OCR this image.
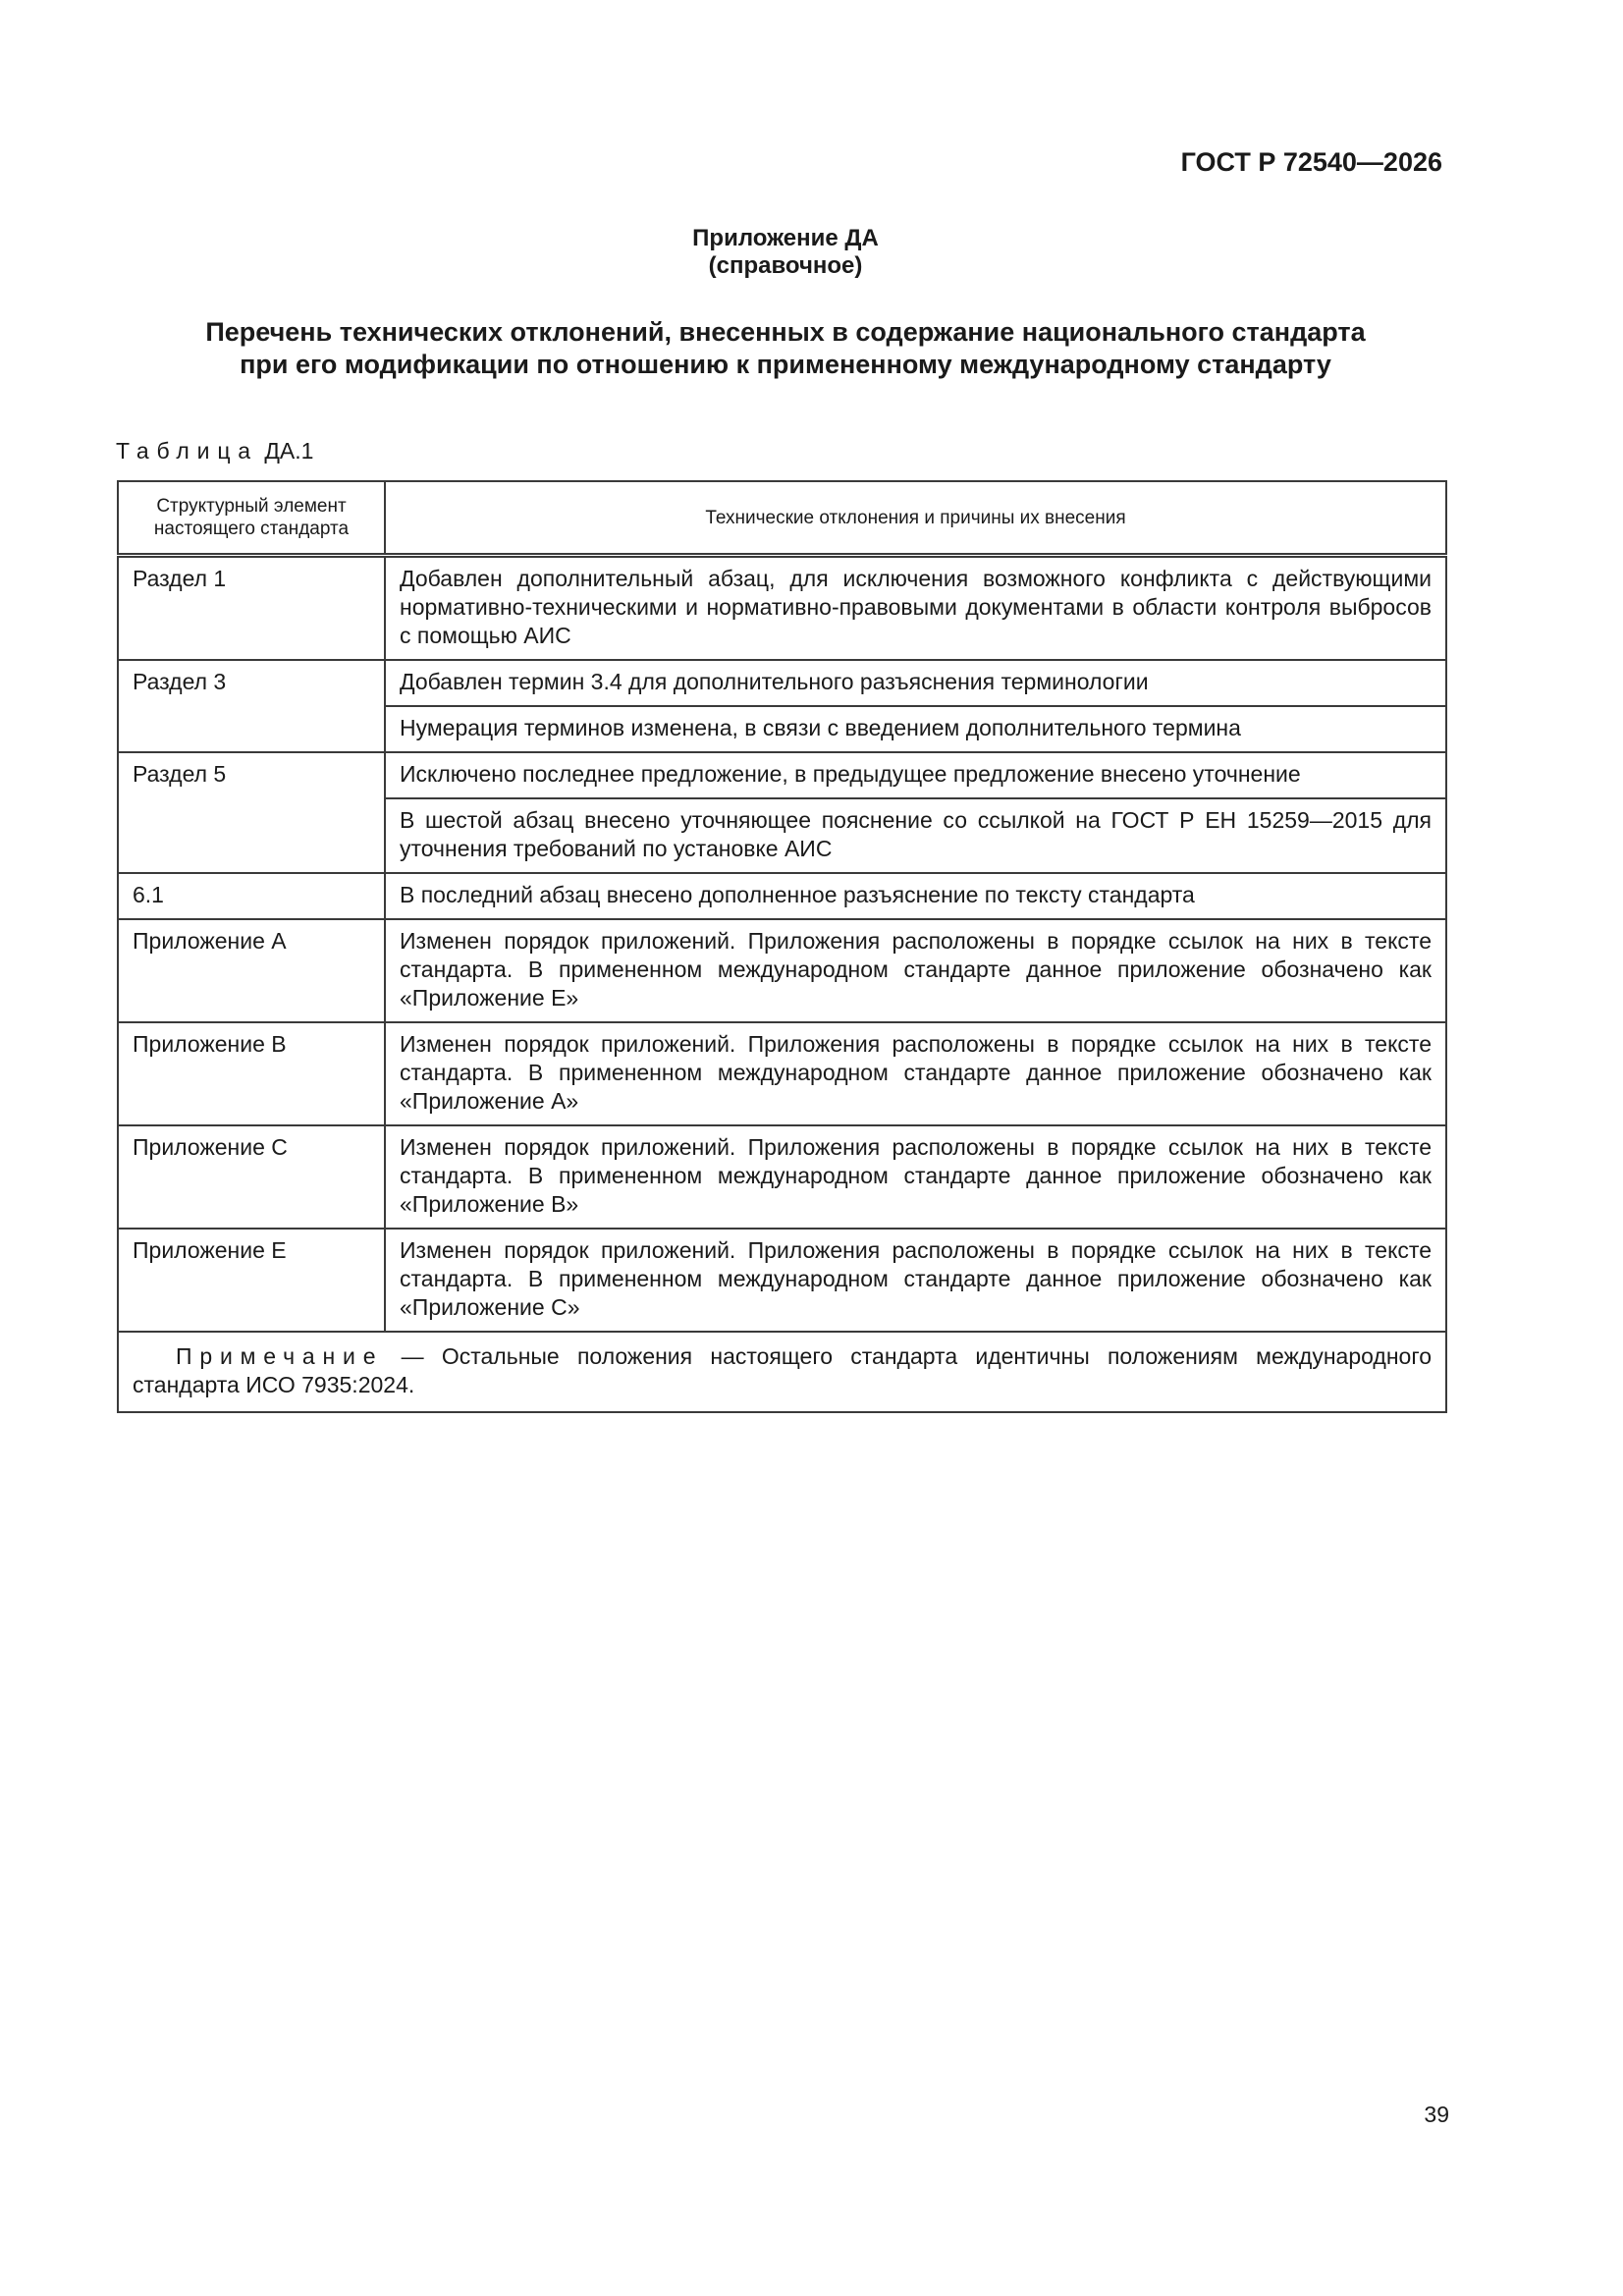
ГОСТ Р 72540—2026
Приложение ДА
(справочное)
Перечень технических отклонений, внесенных в содержание национального стандарта
при его модификации по отношению к примененному международному стандарту
Таблица ДА.1
Структурный элемент настоящего стандарта	Технические отклонения и причины их внесения
Раздел 1	Добавлен дополнительный абзац, для исключения возможного конфликта с действующими нормативно-техническими и нормативно-правовыми документами в области контроля выбросов с помощью АИС
Раздел 3	Добавлен термин 3.4 для дополнительного разъяснения терминологии
	Нумерация терминов изменена, в связи с введением дополнительного термина
Раздел 5	Исключено последнее предложение, в предыдущее предложение внесено уточнение
	В шестой абзац внесено уточняющее пояснение со ссылкой на ГОСТ Р ЕН 15259—2015 для уточнения требований по установке АИС
6.1	В последний абзац внесено дополненное разъяснение по тексту стандарта
Приложение А	Изменен порядок приложений. Приложения расположены в порядке ссылок на них в тексте стандарта. В примененном международном стандарте данное приложение обозначено как «Приложение Е»
Приложение В	Изменен порядок приложений. Приложения расположены в порядке ссылок на них в тексте стандарта. В примененном международном стандарте данное приложение обозначено как «Приложение А»
Приложение С	Изменен порядок приложений. Приложения расположены в порядке ссылок на них в тексте стандарта. В примененном международном стандарте данное приложение обозначено как «Приложение В»
Приложение Е	Изменен порядок приложений. Приложения расположены в порядке ссылок на них в тексте стандарта. В примененном международном стандарте данное приложение обозначено как «Приложение С»
Примечание — Остальные положения настоящего стандарта идентичны положениям международного стандарта ИСО 7935:2024.	
39
